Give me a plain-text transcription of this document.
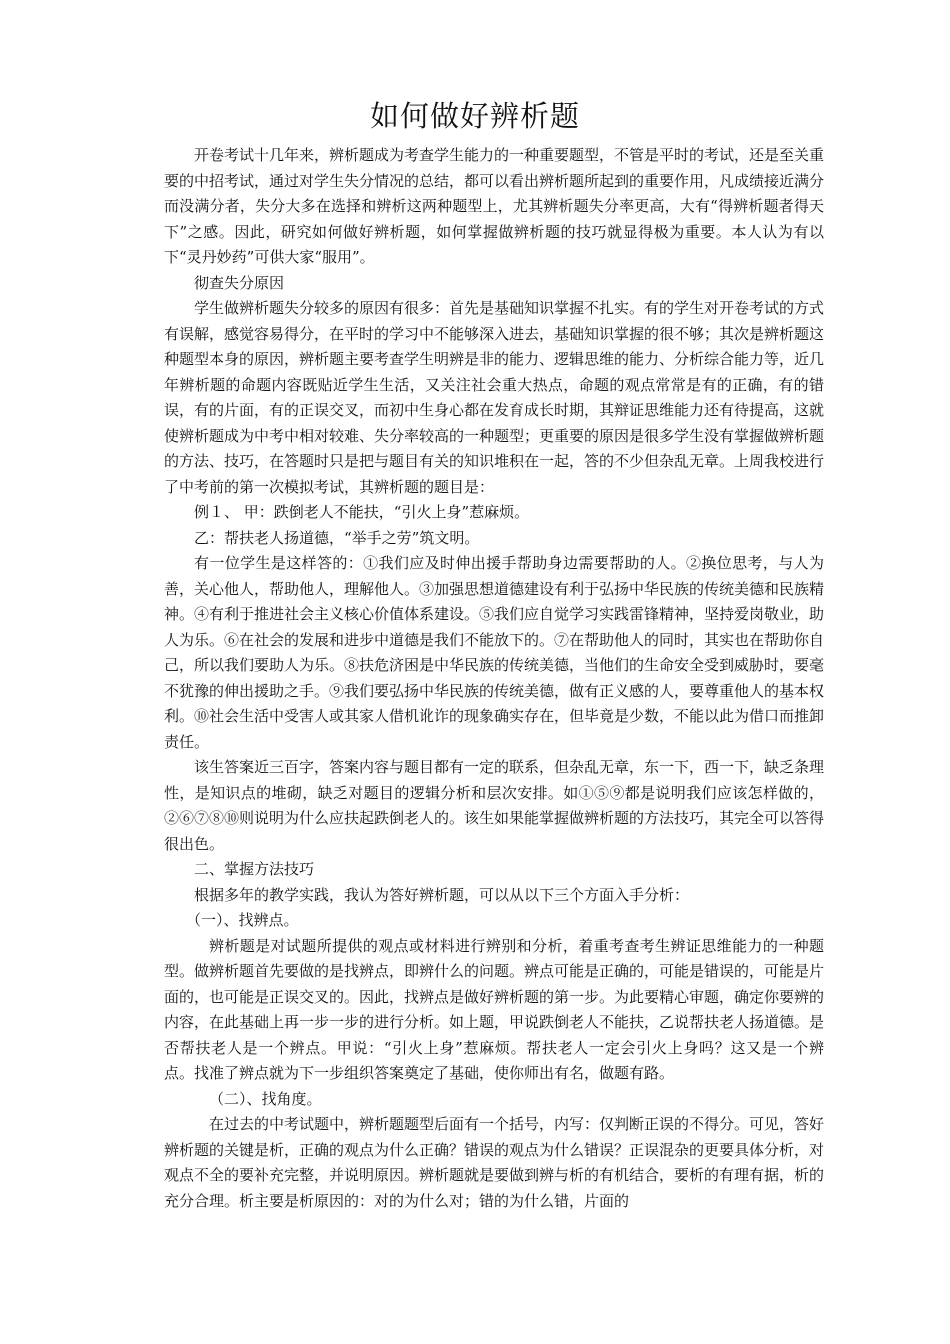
如何做好辨析题

开卷考试十几年来，辨析题成为考查学生能力的一种重要题型，不管是平时的考试，还是至关重要的中招考试，通过对学生失分情况的总结，都可以看出辨析题所起到的重要作用，凡成绩接近满分而没满分者，失分大多在选择和辨析这两种题型上，尤其辨析题失分率更高，大有“得辨析题者得天下”之感。因此，研究如何做好辨析题，如何掌握做辨析题的技巧就显得极为重要。本人认为有以下“灵丹妙药”可供大家“服用”。

彻查失分原因

学生做辨析题失分较多的原因有很多：首先是基础知识掌握不扎实。有的学生对开卷考试的方式有误解，感觉容易得分，在平时的学习中不能够深入进去，基础知识掌握的很不够；其次是辨析题这种题型本身的原因，辨析题主要考查学生明辨是非的能力、逻辑思维的能力、分析综合能力等，近几年辨析题的命题内容既贴近学生生活，又关注社会重大热点，命题的观点常常是有的正确，有的错误，有的片面，有的正误交叉，而初中生身心都在发育成长时期，其辩证思维能力还有待提高，这就使辨析题成为中考中相对较难、失分率较高的一种题型；更重要的原因是很多学生没有掌握做辨析题的方法、技巧，在答题时只是把与题目有关的知识堆积在一起，答的不少但杂乱无章。上周我校进行了中考前的第一次模拟考试，其辨析题的题目是：

例１、 甲：跌倒老人不能扶，“引火上身”惹麻烦。

乙：帮扶老人扬道德，“举手之劳”筑文明。

有一位学生是这样答的：①我们应及时伸出援手帮助身边需要帮助的人。②换位思考，与人为善，关心他人，帮助他人，理解他人。③加强思想道德建设有利于弘扬中华民族的传统美德和民族精神。④有利于推进社会主义核心价值体系建设。⑤我们应自觉学习实践雷锋精神，坚持爱岗敬业，助人为乐。⑥在社会的发展和进步中道德是我们不能放下的。⑦在帮助他人的同时，其实也在帮助你自己，所以我们要助人为乐。⑧扶危济困是中华民族的传统美德，当他们的生命安全受到威胁时，要毫不犹豫的伸出援助之手。⑨我们要弘扬中华民族的传统美德，做有正义感的人，要尊重他人的基本权利。⑩社会生活中受害人或其家人借机讹诈的现象确实存在，但毕竟是少数，不能以此为借口而推卸责任。

该生答案近三百字，答案内容与题目都有一定的联系，但杂乱无章，东一下，西一下，缺乏条理性，是知识点的堆砌，缺乏对题目的逻辑分析和层次安排。如①⑤⑨都是说明我们应该怎样做的，②⑥⑦⑧⑩则说明为什么应扶起跌倒老人的。该生如果能掌握做辨析题的方法技巧，其完全可以答得很出色。

二、掌握方法技巧

根据多年的教学实践，我认为答好辨析题，可以从以下三个方面入手分析：

（一）、找辨点。

辨析题是对试题所提供的观点或材料进行辨别和分析，着重考查考生辨证思维能力的一种题型。做辨析题首先要做的是找辨点，即辨什么的问题。辨点可能是正确的，可能是错误的，可能是片面的，也可能是正误交叉的。因此，找辨点是做好辨析题的第一步。为此要精心审题，确定你要辨的内容，在此基础上再一步一步的进行分析。如上题，甲说跌倒老人不能扶，乙说帮扶老人扬道德。是否帮扶老人是一个辨点。甲说：“引火上身”惹麻烦。帮扶老人一定会引火上身吗？这又是一个辨点。找准了辨点就为下一步组织答案奠定了基础，使你师出有名，做题有路。

（二）、找角度。

在过去的中考试题中，辨析题题型后面有一个括号，内写：仅判断正误的不得分。可见，答好辨析题的关键是析，正确的观点为什么正确？错误的观点为什么错误？正误混杂的更要具体分析，对观点不全的要补充完整，并说明原因。辨析题就是要做到辨与析的有机结合，要析的有理有据，析的充分合理。析主要是析原因的：对的为什么对；错的为什么错，片面的
